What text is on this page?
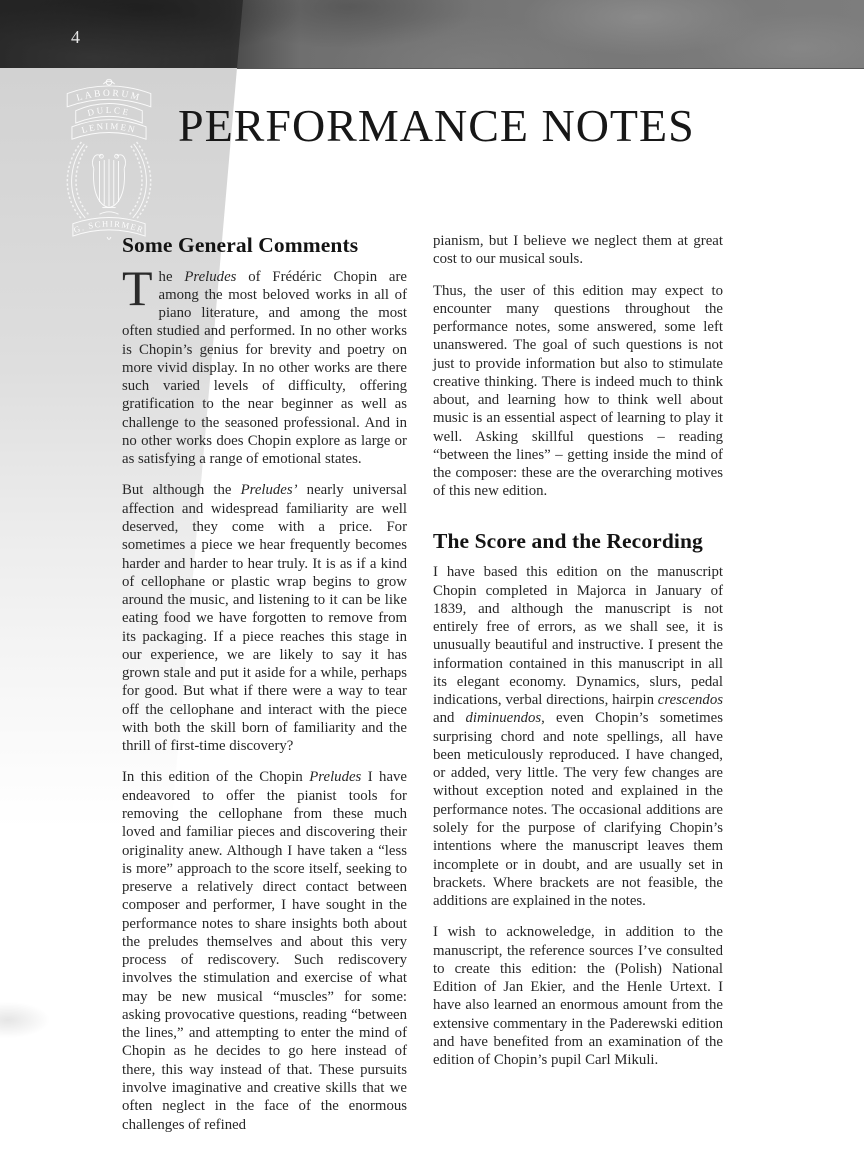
4
LABORUM
DULCE
LENIMEN
G. SCHIRMER
PERFORMANCE NOTES
Some General Comments

The Preludes of Frédéric Chopin are among the most beloved works in all of piano literature, and among the most often studied and performed. In no other works is Chopin’s genius for brevity and poetry on more vivid display. In no other works are there such varied levels of difficulty, offering gratification to the near beginner as well as challenge to the seasoned professional. And in no other works does Chopin explore as large or as satisfying a range of emotional states.

But although the Preludes’ nearly universal affection and widespread familiarity are well deserved, they come with a price. For sometimes a piece we hear frequently becomes harder and harder to hear truly. It is as if a kind of cellophane or plastic wrap begins to grow around the music, and listening to it can be like eating food we have forgotten to remove from its packaging. If a piece reaches this stage in our experience, we are likely to say it has grown stale and put it aside for a while, perhaps for good. But what if there were a way to tear off the cellophane and interact with the piece with both the skill born of familiarity and the thrill of first-time discovery?

In this edition of the Chopin Preludes I have endeavored to offer the pianist tools for removing the cellophane from these much loved and familiar pieces and discovering their originality anew. Although I have taken a “less is more” approach to the score itself, seeking to preserve a relatively direct contact between composer and performer, I have sought in the performance notes to share insights both about the preludes themselves and about this very process of rediscovery. Such rediscovery involves the stimulation and exercise of what may be new musical “muscles” for some: asking provocative questions, reading “between the lines,” and attempting to enter the mind of Chopin as he decides to go here instead of there, this way instead of that. These pursuits involve imaginative and creative skills that we often neglect in the face of the enormous challenges of refined

pianism, but I believe we neglect them at great cost to our musical souls.

Thus, the user of this edition may expect to encounter many questions throughout the performance notes, some answered, some left unanswered. The goal of such questions is not just to provide information but also to stimulate creative thinking. There is indeed much to think about, and learning how to think well about music is an essential aspect of learning to play it well. Asking skillful questions – reading “between the lines” – getting inside the mind of the composer: these are the overarching motives of this new edition.

The Score and the Recording

I have based this edition on the manuscript Chopin completed in Majorca in January of 1839, and although the manuscript is not entirely free of errors, as we shall see, it is unusually beautiful and instructive. I present the information contained in this manuscript in all its elegant economy. Dynamics, slurs, pedal indications, verbal directions, hairpin crescendos and diminuendos, even Chopin’s sometimes surprising chord and note spellings, all have been meticulously reproduced. I have changed, or added, very little. The very few changes are without exception noted and explained in the performance notes. The occasional additions are solely for the purpose of clarifying Chopin’s intentions where the manuscript leaves them incomplete or in doubt, and are usually set in brackets. Where brackets are not feasible, the additions are explained in the notes.

I wish to acknoweledge, in addition to the manuscript, the reference sources I’ve consulted to create this edition: the (Polish) National Edition of Jan Ekier, and the Henle Urtext. I have also learned an enormous amount from the extensive commentary in the Paderewski edition and have benefited from an examination of the edition of Chopin’s pupil Carl Mikuli.
